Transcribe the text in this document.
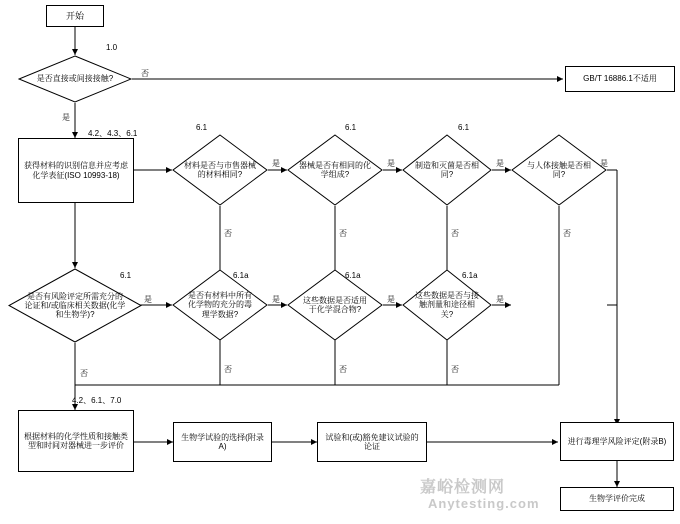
开始
是否直接或间接接触?
1.0
否
是
GB/T 16886.1不适用
获得材料的识别信息并应考虑化学表征(ISO 10993-18)
4.2、4.3、6.1
材料是否与市售器械的材料相同?
6.1
是
否
器械是否有相同的化学组成?
6.1
是
否
制造和灭菌是否相同?
6.1
是
否
与人体接触是否相同?
是
否
是否有风险评定所需充分的论证和/或临床相关数据(化学和生物学)?
6.1
是
否
是否有材料中所有化学物的充分的毒理学数据?
6.1a
是
否
这些数据是否适用于化学混合物?
6.1a
是
否
这些数据是否与接触剂量和途径相关?
6.1a
是
否
根据材料的化学性质和接触类型和时间对器械进一步评价
4.2、6.1、7.0
生物学试验的选择(附录A)
试验和(或)豁免建议试验的论证
进行毒理学风险评定(附录B)
生物学评价完成
嘉峪检测网
Anytesting.com
